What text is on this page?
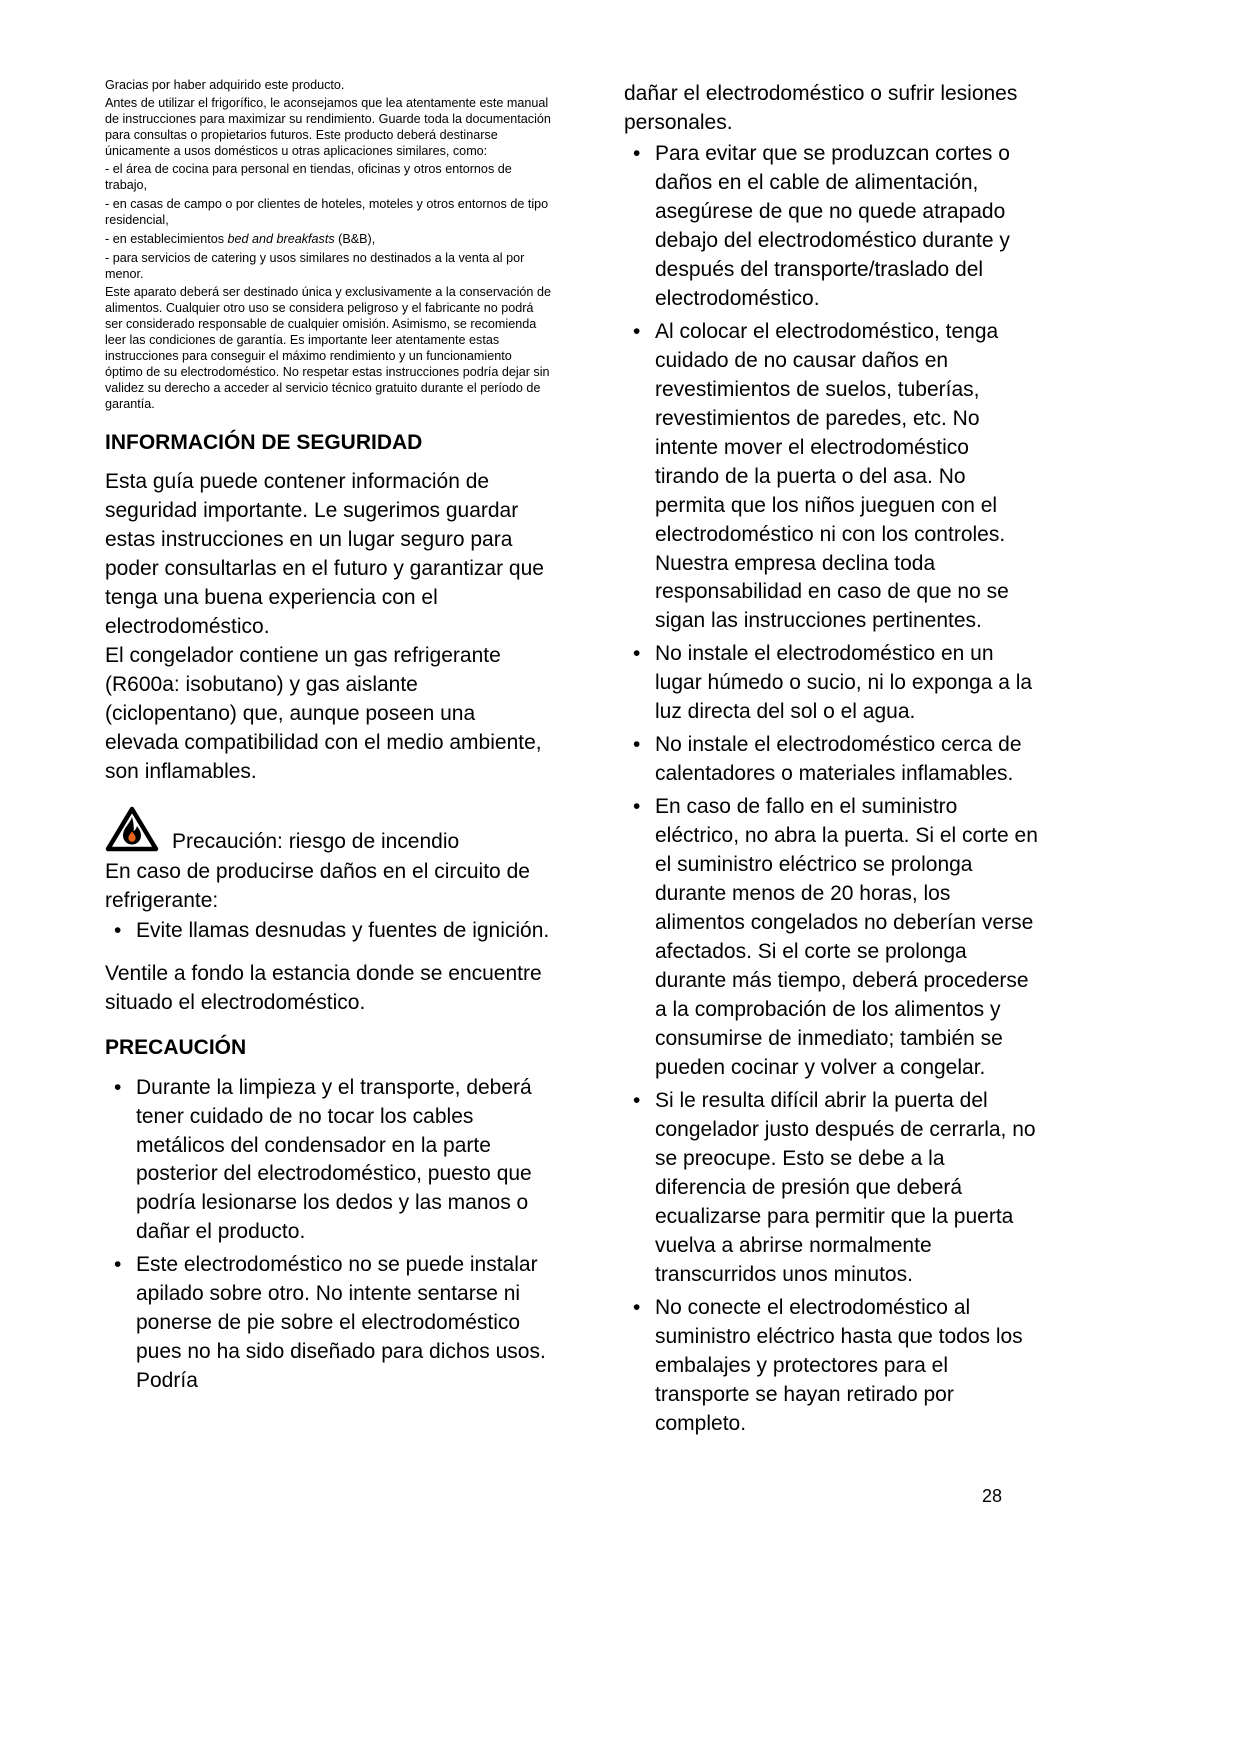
Gracias por haber adquirido este producto.

Antes de utilizar el frigorífico, le aconsejamos que lea atentamente este manual de instrucciones para maximizar su rendimiento. Guarde toda la documentación para consultas o propietarios futuros. Este producto deberá destinarse únicamente a usos domésticos u otras aplicaciones similares, como:

- el área de cocina para personal en tiendas, oficinas y otros entornos de trabajo,

- en casas de campo o por clientes de hoteles, moteles y otros entornos de tipo residencial,

- en establecimientos bed and breakfasts (B&B),

- para servicios de catering y usos similares no destinados a la venta al por menor.

Este aparato deberá ser destinado única y exclusivamente a la conservación de alimentos. Cualquier otro uso se considera peligroso y el fabricante no podrá ser considerado responsable de cualquier omisión. Asimismo, se recomienda leer las condiciones de garantía. Es importante leer atentamente estas instrucciones para conseguir el máximo rendimiento y un funcionamiento óptimo de su electrodoméstico. No respetar estas instrucciones podría dejar sin validez su derecho a acceder al servicio técnico gratuito durante el período de garantía.

INFORMACIÓN DE SEGURIDAD

Esta guía puede contener información de seguridad importante. Le sugerimos guardar estas instrucciones en un lugar seguro para poder consultarlas en el futuro y garantizar que tenga una buena experiencia con el electrodoméstico.

El congelador contiene un gas refrigerante (R600a: isobutano) y gas aislante (ciclopentano) que, aunque poseen una elevada compatibilidad con el medio ambiente, son inflamables.

Precaución: riesgo de incendio

En caso de producirse daños en el circuito de refrigerante:

• Evite llamas desnudas y fuentes de ignición.

Ventile a fondo la estancia donde se encuentre situado el electrodoméstico.

PRECAUCIÓN
• Durante la limpieza y el transporte, deberá tener cuidado de no tocar los cables metálicos del condensador en la parte posterior del electrodoméstico, puesto que podría lesionarse los dedos y las manos o dañar el producto.
• Este electrodoméstico no se puede instalar apilado sobre otro. No intente sentarse ni ponerse de pie sobre el electrodoméstico pues no ha sido diseñado para dichos usos. Podría

dañar el electrodoméstico o sufrir lesiones personales.

• Para evitar que se produzcan cortes o daños en el cable de alimentación, asegúrese de que no quede atrapado debajo del electrodoméstico durante y después del transporte/traslado del electrodoméstico.
• Al colocar el electrodoméstico, tenga cuidado de no causar daños en revestimientos de suelos, tuberías, revestimientos de paredes, etc. No intente mover el electrodoméstico tirando de la puerta o del asa. No permita que los niños jueguen con el electrodoméstico ni con los controles. Nuestra empresa declina toda responsabilidad en caso de que no se sigan las instrucciones pertinentes.
• No instale el electrodoméstico en un lugar húmedo o sucio, ni lo exponga a la luz directa del sol o el agua.
• No instale el electrodoméstico cerca de calentadores o materiales inflamables.
• En caso de fallo en el suministro eléctrico, no abra la puerta. Si el corte en el suministro eléctrico se prolonga durante menos de 20 horas, los alimentos congelados no deberían verse afectados. Si el corte se prolonga durante más tiempo, deberá procederse a la comprobación de los alimentos y consumirse de inmediato; también se pueden cocinar y volver a congelar.
• Si le resulta difícil abrir la puerta del congelador justo después de cerrarla, no se preocupe. Esto se debe a la diferencia de presión que deberá ecualizarse para permitir que la puerta vuelva a abrirse normalmente transcurridos unos minutos.
• No conecte el electrodoméstico al suministro eléctrico hasta que todos los embalajes y protectores para el transporte se hayan retirado por completo.
28
